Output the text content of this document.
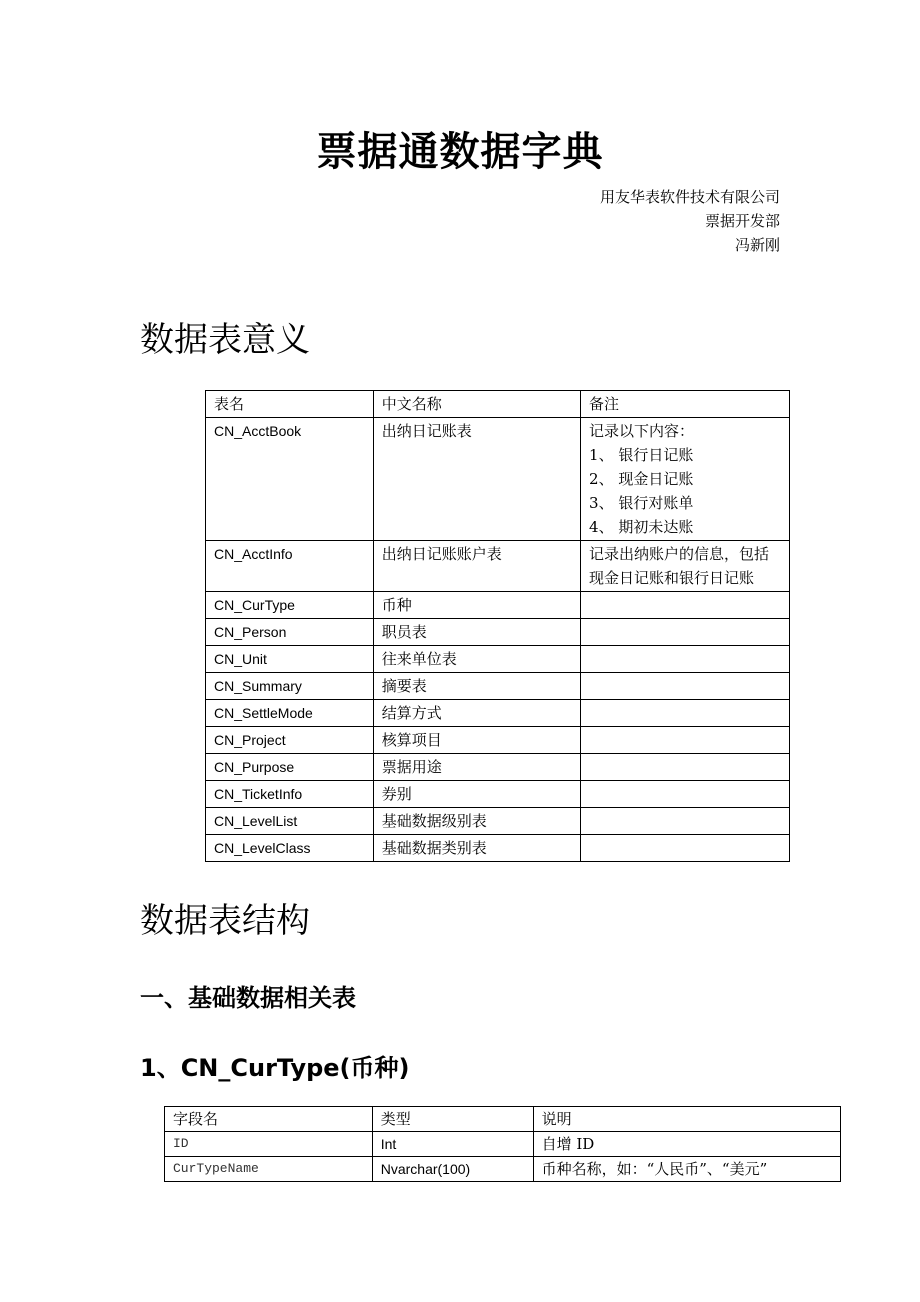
票据通数据字典
用友华表软件技术有限公司
票据开发部
冯新刚
数据表意义
表名	中文名称	备注
CN_AcctBook	出纳日记账表	记录以下内容：
1、 银行日记账
2、 现金日记账
3、 银行对账单
4、 期初未达账

CN_AcctInfo	出纳日记账账户表	记录出纳账户的信息，包括
现金日记账和银行日记账

CN_CurType	币种	
CN_Person	职员表	
CN_Unit	往来单位表	
CN_Summary	摘要表	
CN_SettleMode	结算方式	
CN_Project	核算项目	
CN_Purpose	票据用途	
CN_TicketInfo	券别	
CN_LevelList	基础数据级别表	
CN_LevelClass	基础数据类别表	
数据表结构
一、基础数据相关表
1、CN_CurType(币种)
字段名	类型	说明
ID	Int	自增 ID
CurTypeName	Nvarchar(100)	币种名称，如：“人民币”、“美元”
